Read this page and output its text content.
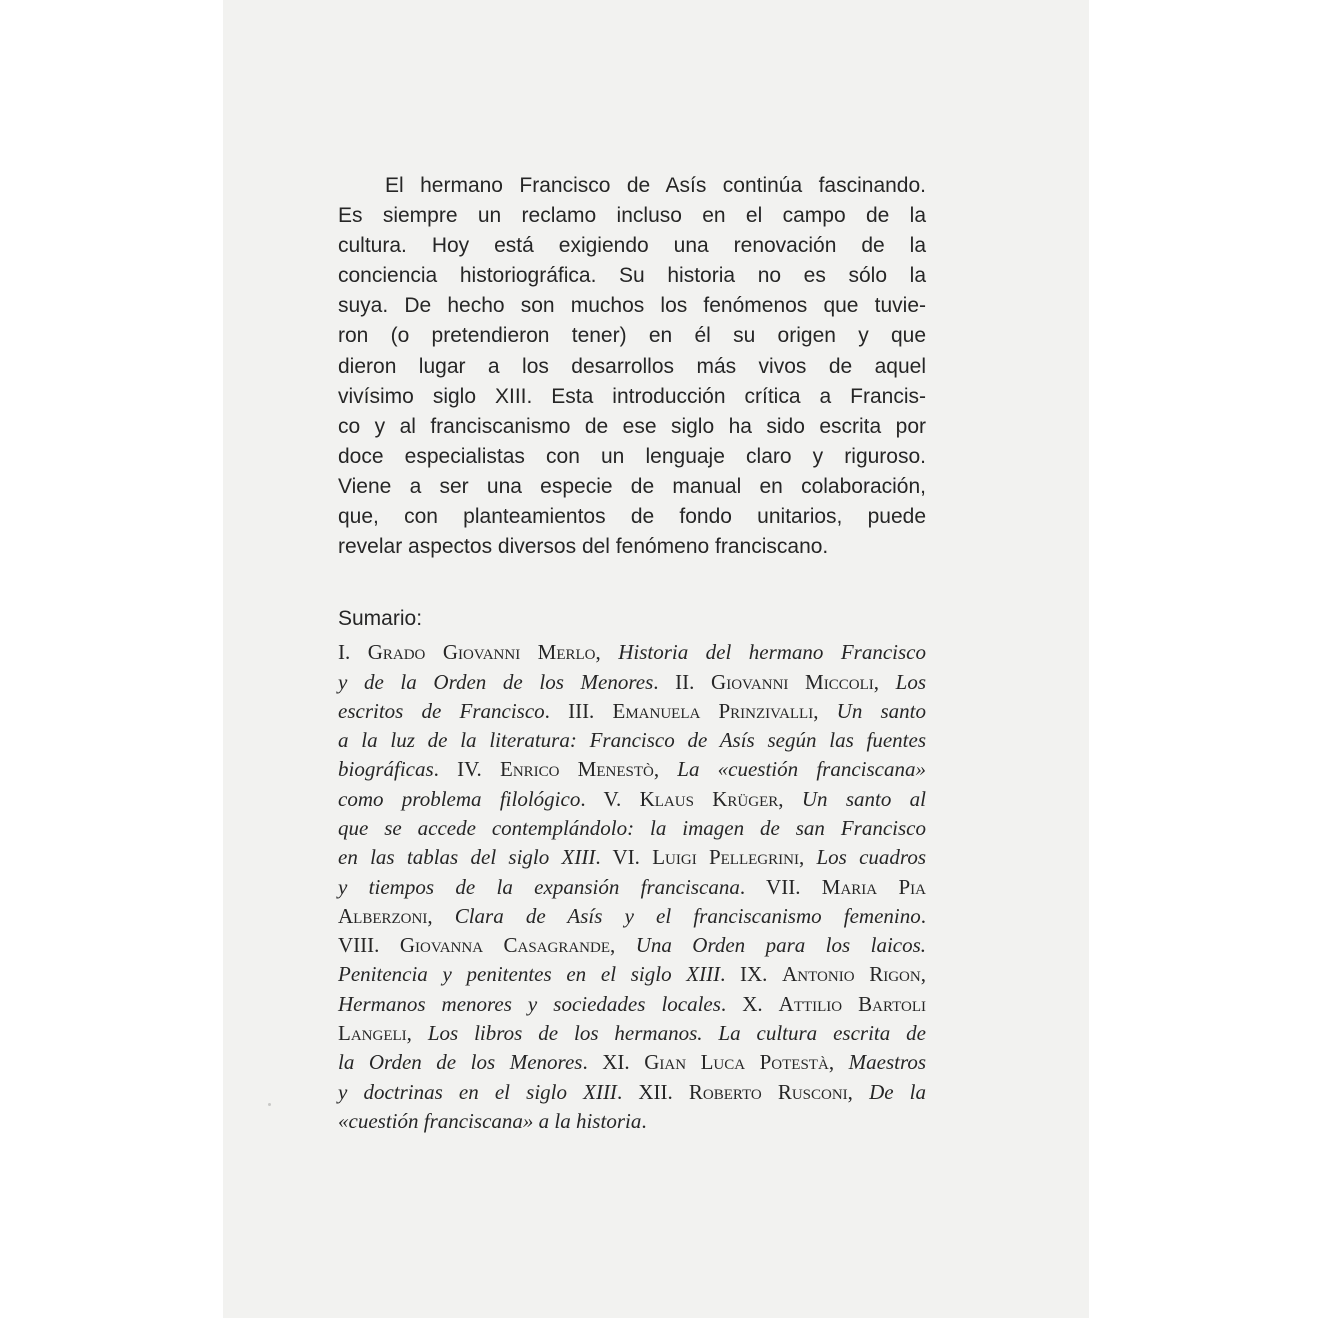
El hermano Francisco de Asís continúa fascinando.
Es siempre un reclamo incluso en el campo de la
cultura. Hoy está exigiendo una renovación de la
conciencia historiográfica. Su historia no es sólo la
suya. De hecho son muchos los fenómenos que tuvie-
ron (o pretendieron tener) en él su origen y que
dieron lugar a los desarrollos más vivos de aquel
vivísimo siglo XIII. Esta introducción crítica a Francis-
co y al franciscanismo de ese siglo ha sido escrita por
doce especialistas con un lenguaje claro y riguroso.
Viene a ser una especie de manual en colaboración,
que, con planteamientos de fondo unitarios, puede
revelar aspectos diversos del fenómeno franciscano.
Sumario:
I. Grado Giovanni Merlo, Historia del hermano Francisco
y de la Orden de los Menores. II. Giovanni Miccoli, Los
escritos de Francisco. III. Emanuela Prinzivalli, Un santo
a la luz de la literatura: Francisco de Asís según las fuentes
biográficas. IV. Enrico Menestò, La «cuestión franciscana»
como problema filológico. V. Klaus Krüger, Un santo al
que se accede contemplándolo: la imagen de san Francisco
en las tablas del siglo XIII. VI. Luigi Pellegrini, Los cuadros
y tiempos de la expansión franciscana. VII. Maria Pia
Alberzoni, Clara de Asís y el franciscanismo femenino.
VIII. Giovanna Casagrande, Una Orden para los laicos.
Penitencia y penitentes en el siglo XIII. IX. Antonio Rigon,
Hermanos menores y sociedades locales. X. Attilio Bartoli
Langeli, Los libros de los hermanos. La cultura escrita de
la Orden de los Menores. XI. Gian Luca Potestà, Maestros
y doctrinas en el siglo XIII. XII. Roberto Rusconi, De la
«cuestión franciscana» a la historia.
